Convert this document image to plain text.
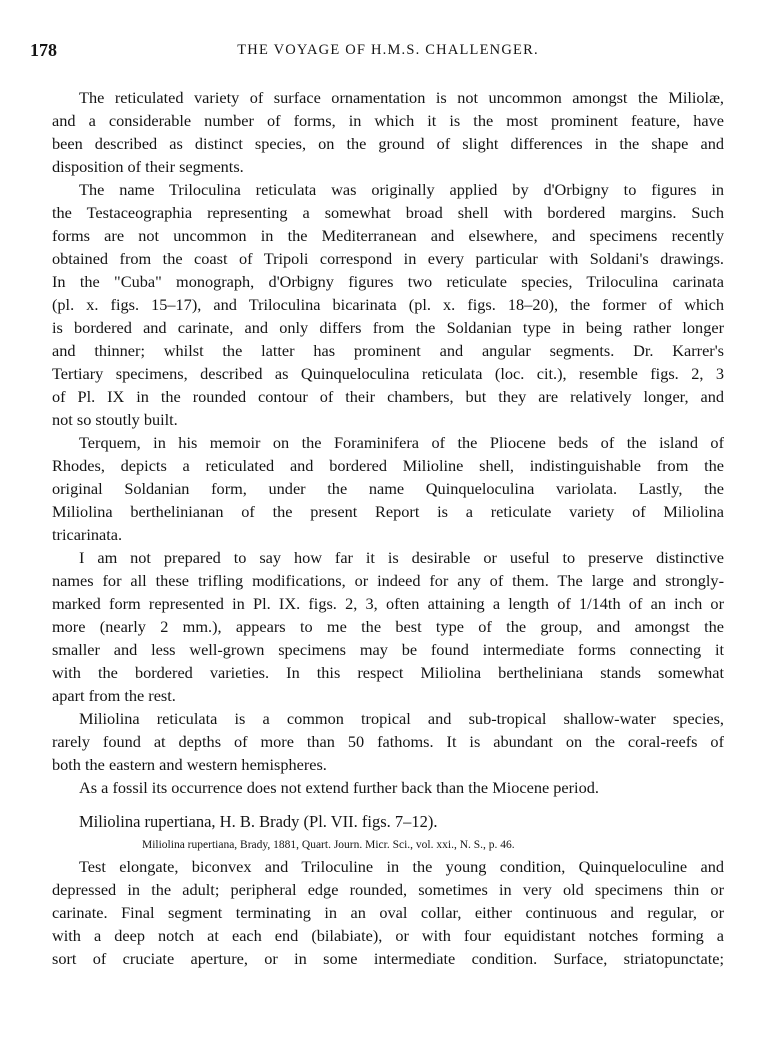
178	THE VOYAGE OF H.M.S. CHALLENGER.
The reticulated variety of surface ornamentation is not uncommon amongst the Miliolæ,
and a considerable number of forms, in which it is the most prominent feature, have
been described as distinct species, on the ground of slight differences in the shape and
disposition of their segments.
The name Triloculina reticulata was originally applied by d'Orbigny to figures in
the Testaceographia representing a somewhat broad shell with bordered margins. Such
forms are not uncommon in the Mediterranean and elsewhere, and specimens recently
obtained from the coast of Tripoli correspond in every particular with Soldani's drawings.
In the "Cuba" monograph, d'Orbigny figures two reticulate species, Triloculina carinata
(pl. x. figs. 15–17), and Triloculina bicarinata (pl. x. figs. 18–20), the former of which
is bordered and carinate, and only differs from the Soldanian type in being rather longer
and thinner; whilst the latter has prominent and angular segments. Dr. Karrer's
Tertiary specimens, described as Quinqueloculina reticulata (loc. cit.), resemble figs. 2, 3
of Pl. IX in the rounded contour of their chambers, but they are relatively longer, and
not so stoutly built.
Terquem, in his memoir on the Foraminifera of the Pliocene beds of the island of
Rhodes, depicts a reticulated and bordered Milioline shell, indistinguishable from the
original Soldanian form, under the name Quinqueloculina variolata. Lastly, the
Miliolina berthelinianan of the present Report is a reticulate variety of Miliolina
tricarinata.
I am not prepared to say how far it is desirable or useful to preserve distinctive
names for all these trifling modifications, or indeed for any of them. The large and strongly-
marked form represented in Pl. IX. figs. 2, 3, often attaining a length of 1/14th of an inch or
more (nearly 2 mm.), appears to me the best type of the group, and amongst the
smaller and less well-grown specimens may be found intermediate forms connecting it
with the bordered varieties. In this respect Miliolina bertheliniana stands somewhat
apart from the rest.
Miliolina reticulata is a common tropical and sub-tropical shallow-water species,
rarely found at depths of more than 50 fathoms. It is abundant on the coral-reefs of
both the eastern and western hemispheres.
As a fossil its occurrence does not extend further back than the Miocene period.
Miliolina rupertiana, H. B. Brady (Pl. VII. figs. 7–12).
Miliolina rupertiana, Brady, 1881, Quart. Journ. Micr. Sci., vol. xxi., N. S., p. 46.
Test elongate, biconvex and Triloculine in the young condition, Quinqueloculine and
depressed in the adult; peripheral edge rounded, sometimes in very old specimens thin or
carinate. Final segment terminating in an oval collar, either continuous and regular, or
with a deep notch at each end (bilabiate), or with four equidistant notches forming a
sort of cruciate aperture, or in some intermediate condition. Surface, striatopunctate;
